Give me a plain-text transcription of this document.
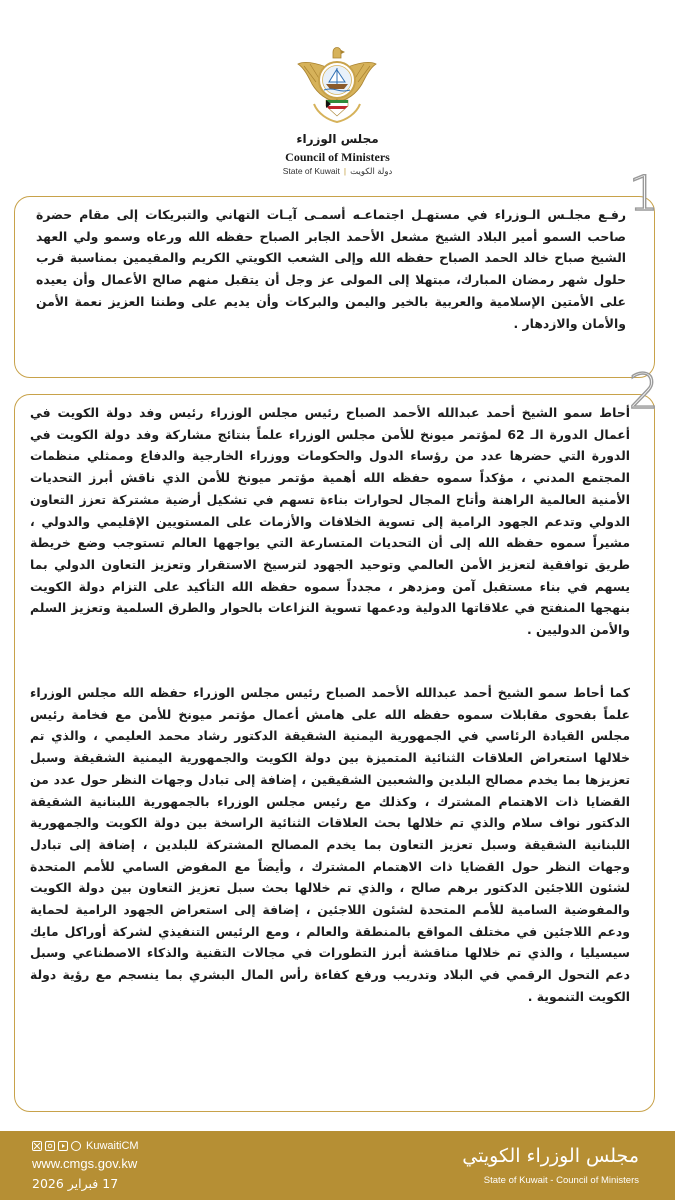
مجلس الوزراء
Council of Ministers
State of Kuwait | دولة الكويت	1

رفـع مجلـس الـوزراء في مستهـل اجتماعـه أسمـى آيـات التهاني والتبريكات إلى مقام حضرة صاحب السمو أمير البلاد الشيخ مشعل الأحمد الجابر الصباح حفظه الله ورعاه وسمو ولي العهد الشيخ صباح خالد الحمد الصباح حفظه الله وإلى الشعب الكويتي الكريم والمقيمين بمناسبة قرب حلول شهر رمضان المبارك، مبتهلا إلى المولى عز وجل أن يتقبل منهم صالح الأعمال وأن يعيده على الأمتين الإسلامية والعربية بالخير واليمن والبركات وأن يديم على وطننا العزيز نعمة الأمن والأمان والازدهار .

2

أحاط سمو الشيخ أحمد عبدالله الأحمد الصباح رئيس مجلس الوزراء رئيس وفد دولة الكويت في أعمال الدورة الـ 62 لمؤتمر ميونخ للأمن مجلس الوزراء علماً بنتائج مشاركة وفد دولة الكويت في الدورة التي حضرها عدد من رؤساء الدول والحكومات ووزراء الخارجية والدفاع وممثلي منظمات المجتمع المدني ، مؤكداً سموه حفظه الله أهمية مؤتمر ميونخ للأمن الذي ناقش أبرز التحديات الأمنية العالمية الراهنة وأتاح المجال لحوارات بناءة تسهم في تشكيل أرضية مشتركة تعزز التعاون الدولي وتدعم الجهود الرامية إلى تسوية الخلافات والأزمات على المستويين الإقليمي والدولي ، مشيراً سموه حفظه الله إلى أن التحديات المتسارعة التي يواجهها العالم تستوجب وضع خريطة طريق توافقية لتعزيز الأمن العالمي وتوحيد الجهود لترسيخ الاستقرار وتعزيز التعاون الدولي بما يسهم في بناء مستقبل آمن ومزدهر ، مجدداً سموه حفظه الله التأكيد على التزام دولة الكويت بنهجها المنفتح في علاقاتها الدولية ودعمها تسوية النزاعات بالحوار والطرق السلمية وتعزيز السلم والأمن الدوليين .

كما أحاط سمو الشيخ أحمد عبدالله الأحمد الصباح رئيس مجلس الوزراء حفظه الله مجلس الوزراء علماً بفحوى مقابلات سموه حفظه الله على هامش أعمال مؤتمر ميونخ للأمن مع فخامة رئيس مجلس القيادة الرئاسي في الجمهورية اليمنية الشقيقة الدكتور رشاد محمد العليمي ، والذي تم خلالها استعراض العلاقات الثنائية المتميزة بين دولة الكويت والجمهورية اليمنية الشقيقة وسبل تعزيزها بما يخدم مصالح البلدين والشعبين الشقيقين ، إضافة إلى تبادل وجهات النظر حول عدد من القضايا ذات الاهتمام المشترك ، وكذلك مع رئيس مجلس الوزراء بالجمهورية اللبنانية الشقيقة الدكتور نواف سلام والذي تم خلالها بحث العلاقات الثنائية الراسخة بين دولة الكويت والجمهورية اللبنانية الشقيقة وسبل تعزيز التعاون بما يخدم المصالح المشتركة للبلدين ، إضافة إلى تبادل وجهات النظر حول القضايا ذات الاهتمام المشترك ، وأيضاً مع المفوض السامي للأمم المتحدة لشئون اللاجئين الدكتور برهم صالح ، والذي تم خلالها بحث سبل تعزيز التعاون بين دولة الكويت والمفوضية السامية للأمم المتحدة لشئون اللاجئين ، إضافة إلى استعراض الجهود الرامية لحماية ودعم اللاجئين في مختلف المواقع بالمنطقة والعالم ، ومع الرئيس التنفيذي لشركة أوراكل مايك سيسيليا ، والذي تم خلالها مناقشة أبرز التطورات في مجالات التقنية والذكاء الاصطناعي وسبل دعم التحول الرقمي في البلاد وتدريب ورفع كفاءة رأس المال البشري بما ينسجم مع رؤية دولة الكويت التنموية .

KuwaitiCM
www.cmgs.gov.kw
17 فبراير 2026
مجلس الوزراء الكويتي
State of Kuwait - Council of Ministers
